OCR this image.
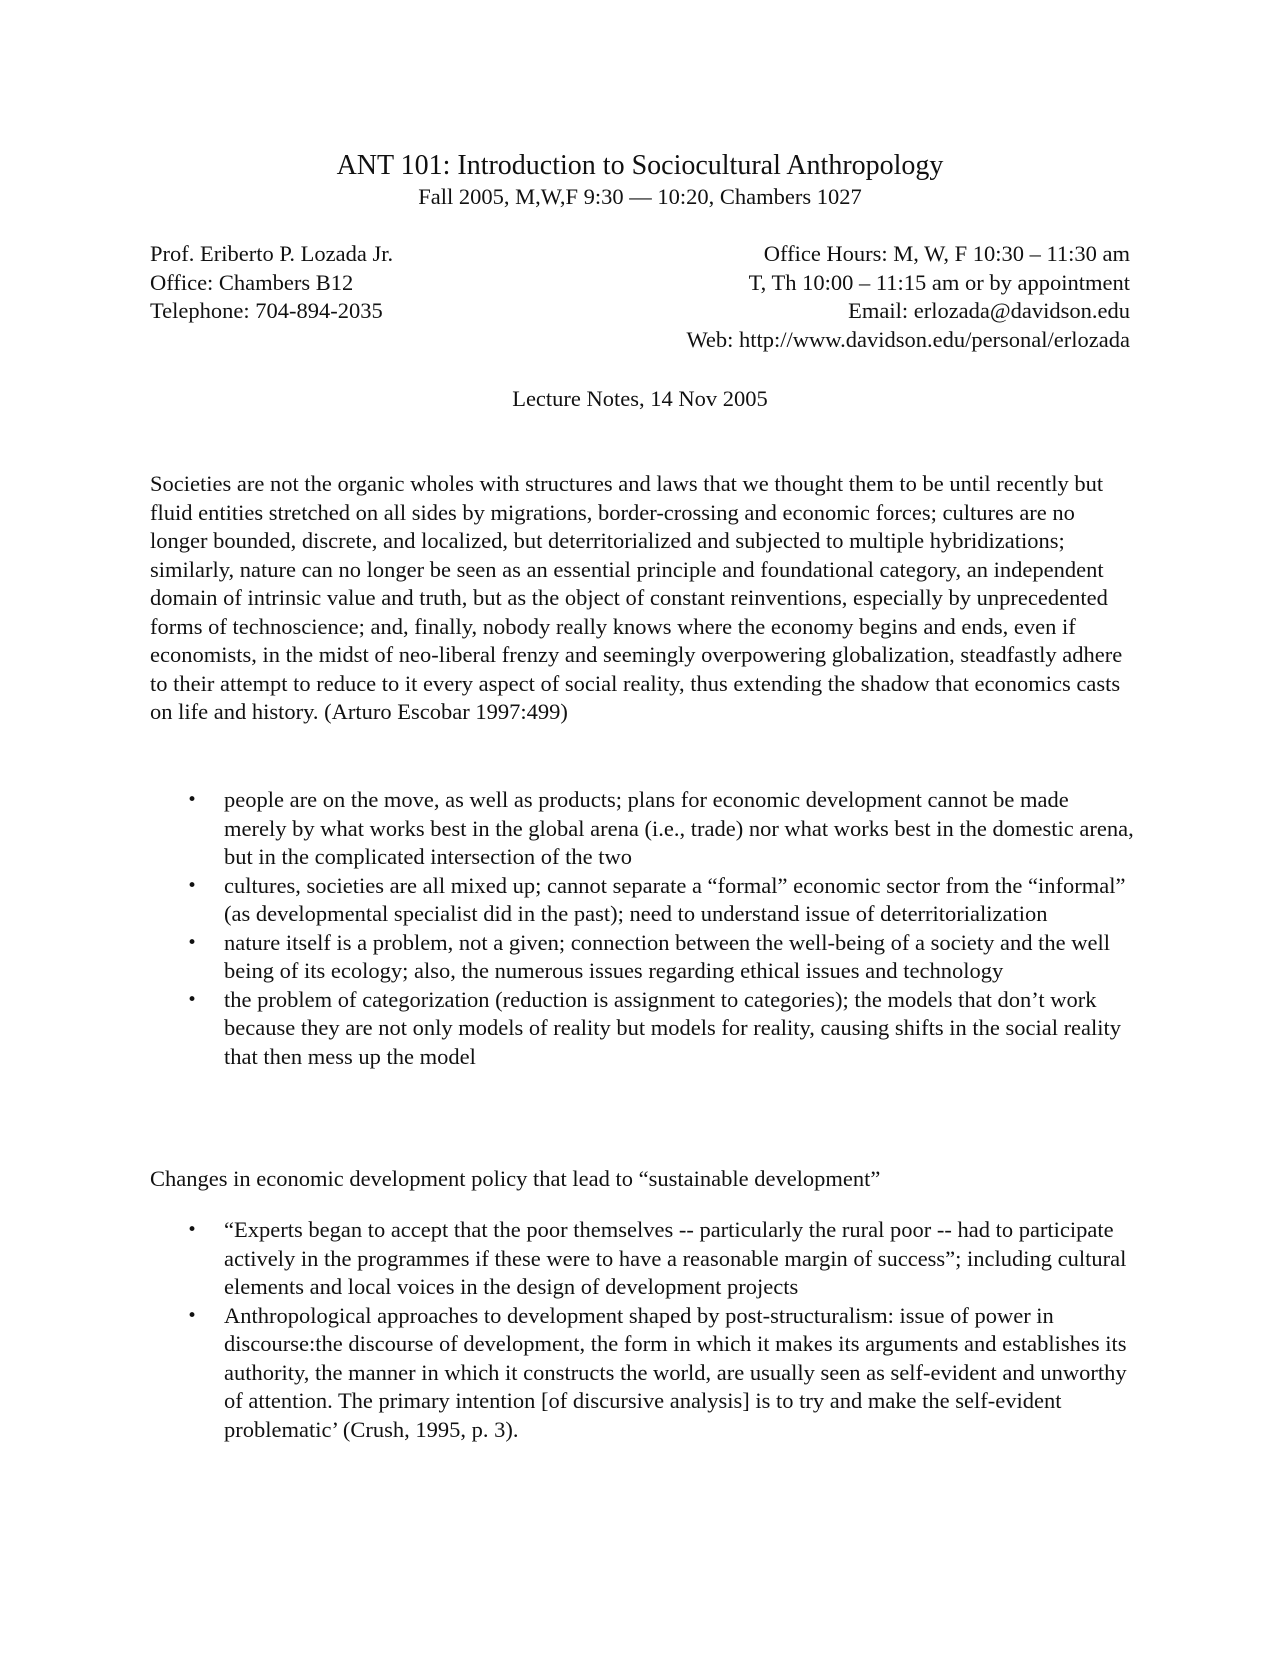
ANT 101: Introduction to Sociocultural Anthropology
Fall 2005, M,W,F 9:30 — 10:20, Chambers 1027
Prof. Eriberto P. Lozada Jr.
Office: Chambers B12
Telephone: 704-894-2035
Office Hours: M, W, F 10:30 – 11:30 am
T, Th 10:00 – 11:15 am or by appointment
Email: erlozada@davidson.edu
Web: http://www.davidson.edu/personal/erlozada
Lecture Notes, 14 Nov 2005

Societies are not the organic wholes with structures and laws that we thought them to be until recently but fluid entities stretched on all sides by migrations, border-crossing and economic forces; cultures are no longer bounded, discrete, and localized, but deterritorialized and subjected to multiple hybridizations; similarly, nature can no longer be seen as an essential principle and foundational category, an independent domain of intrinsic value and truth, but as the object of constant reinventions, especially by unprecedented forms of technoscience; and, finally, nobody really knows where the economy begins and ends, even if economists, in the midst of neo-liberal frenzy and seemingly overpowering globalization, steadfastly adhere to their attempt to reduce to it every aspect of social reality, thus extending the shadow that economics casts on life and history. (Arturo Escobar 1997:499)

• people are on the move, as well as products; plans for economic development cannot be made merely by what works best in the global arena (i.e., trade) nor what works best in the domestic arena, but in the complicated intersection of the two
• cultures, societies are all mixed up; cannot separate a “formal” economic sector from the “informal” (as developmental specialist did in the past); need to understand issue of deterritorialization
• nature itself is a problem, not a given; connection between the well-being of a society and the well being of its ecology; also, the numerous issues regarding ethical issues and technology
• the problem of categorization (reduction is assignment to categories); the models that don’t work because they are not only models of reality but models for reality, causing shifts in the social reality that then mess up the model

Changes in economic development policy that lead to “sustainable development”

• “Experts began to accept that the poor themselves -- particularly the rural poor -- had to participate actively in the programmes if these were to have a reasonable margin of success”; including cultural elements and local voices in the design of development projects
• Anthropological approaches to development shaped by post-structuralism: issue of power in discourse:the discourse of development, the form in which it makes its arguments and establishes its authority, the manner in which it constructs the world, are usually seen as self-evident and unworthy of attention. The primary intention [of discursive analysis] is to try and make the self-evident problematic’ (Crush, 1995, p. 3).
